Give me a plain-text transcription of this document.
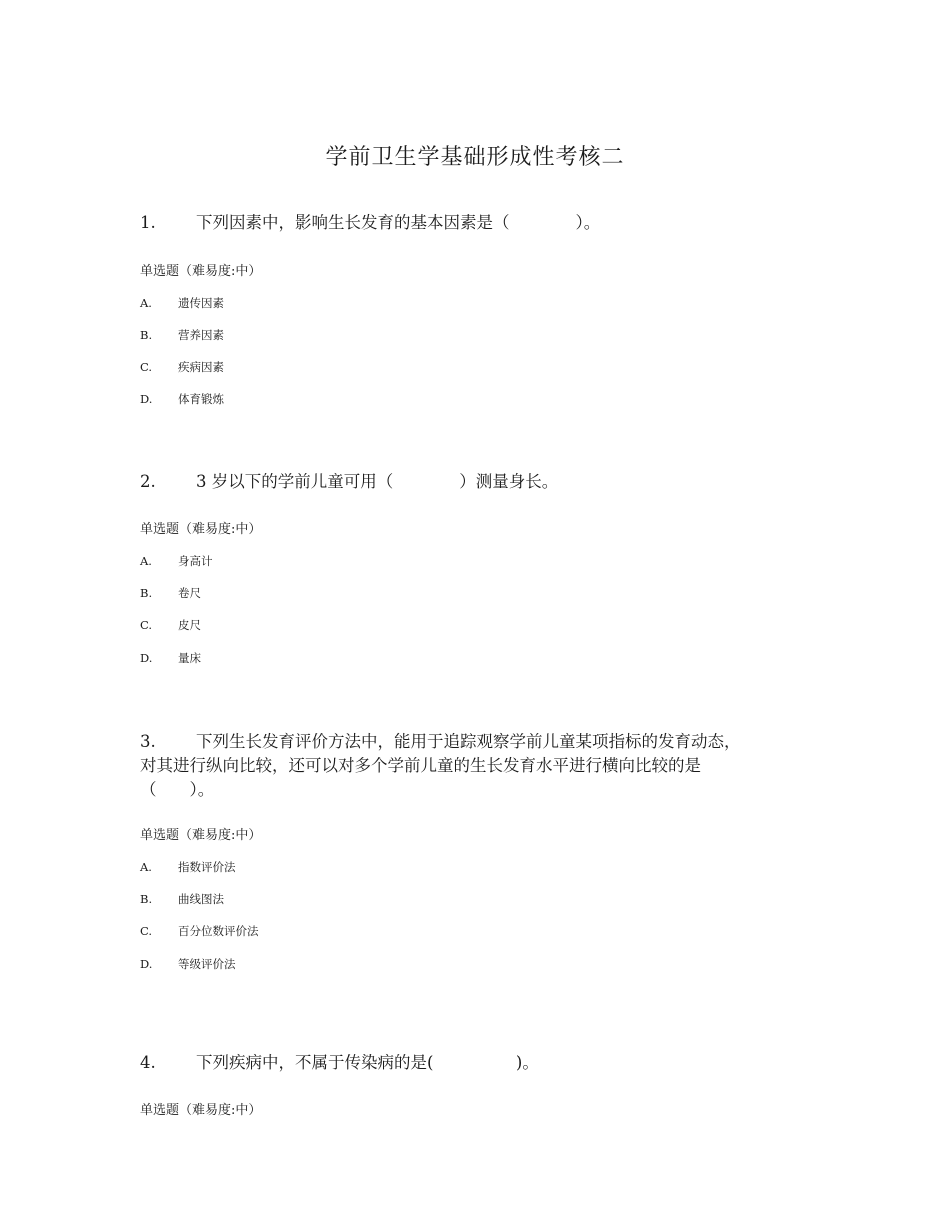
学前卫生学基础形成性考核二
1. 下列因素中，影响生长发育的基本因素是（　　　　）。
单选题（难易度:中）
A. 遗传因素
B. 营养因素
C. 疾病因素
D. 体育锻炼
2. 3 岁以下的学前儿童可用（　　　　）测量身长。
单选题（难易度:中）
A. 身高计
B. 卷尺
C. 皮尺
D. 量床
3. 下列生长发育评价方法中，能用于追踪观察学前儿童某项指标的发育动态，
对其进行纵向比较，还可以对多个学前儿童的生长发育水平进行横向比较的是
（　　）。
单选题（难易度:中）
A. 指数评价法
B. 曲线图法
C. 百分位数评价法
D. 等级评价法
4. 下列疾病中，不属于传染病的是(　　　　　)。
单选题（难易度:中）
